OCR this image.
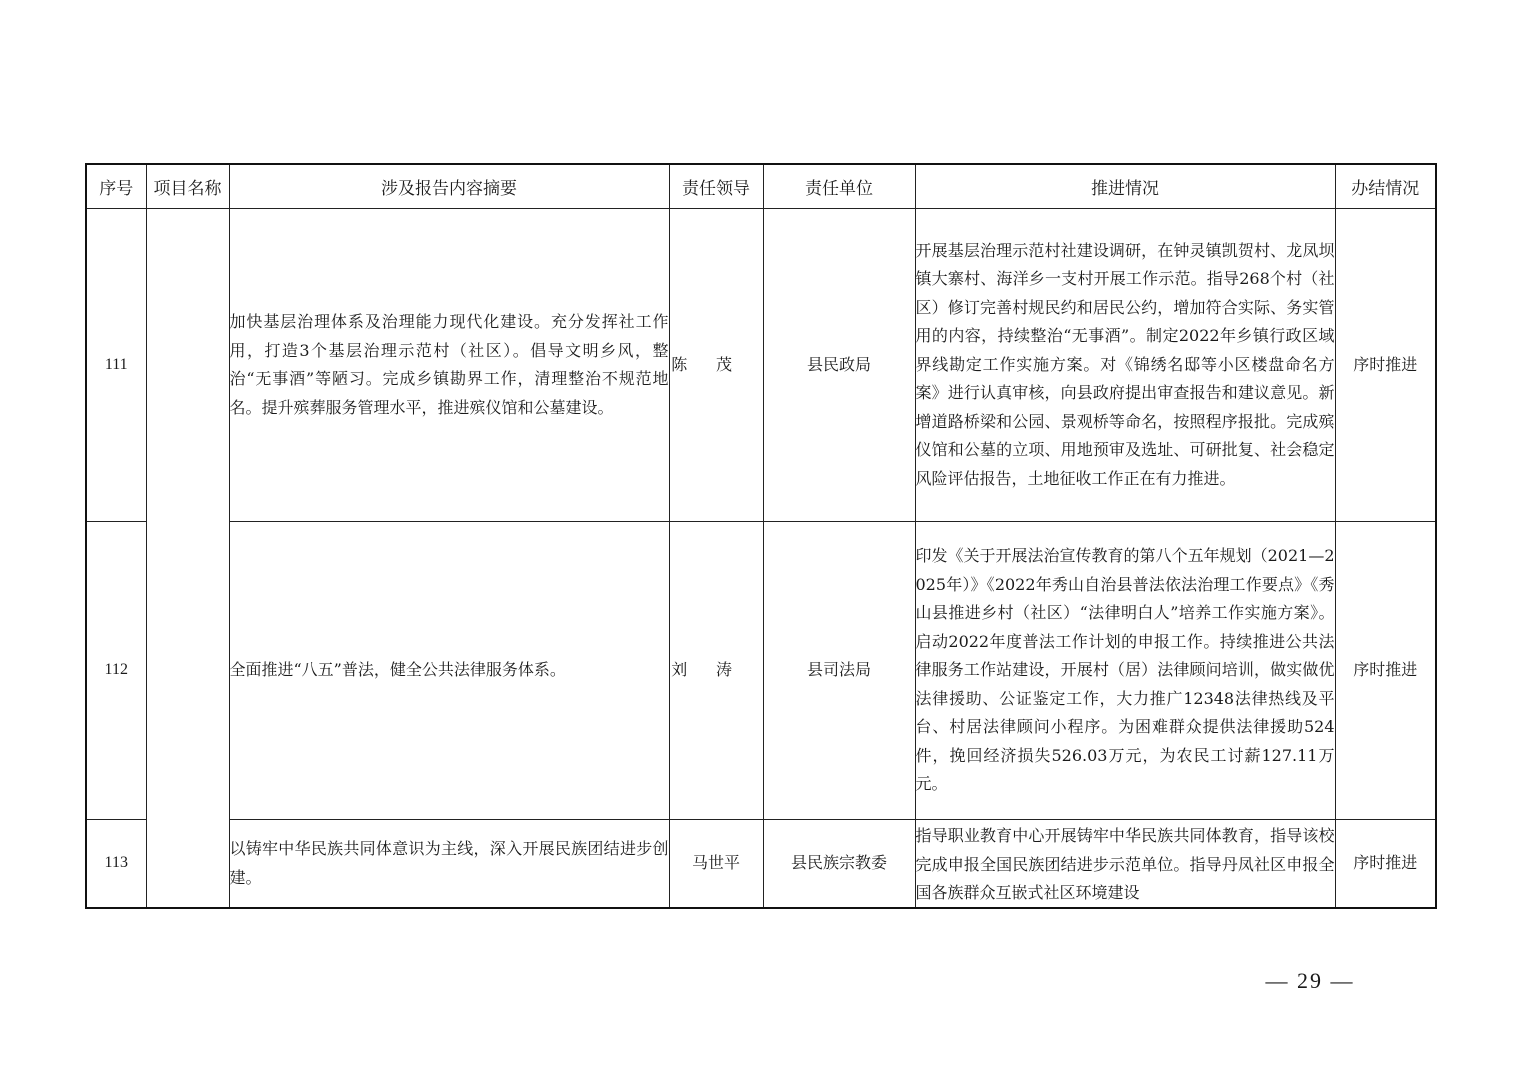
序号	项目名称	涉及报告内容摘要	责任领导	责任单位	推进情况	办结情况
111		加快基层治理体系及治理能力现代化建设。充分发挥社工作用，打造3个基层治理示范村（社区）。倡导文明乡风，整治“无事酒”等陋习。完成乡镇勘界工作，清理整治不规范地名。提升殡葬服务管理水平，推进殡仪馆和公墓建设。	陈茂	县民政局	开展基层治理示范村社建设调研，在钟灵镇凯贺村、龙凤坝镇大寨村、海洋乡一支村开展工作示范。指导268个村（社区）修订完善村规民约和居民公约，增加符合实际、务实管用的内容，持续整治“无事酒”。制定2022年乡镇行政区域界线勘定工作实施方案。对《锦绣名邸等小区楼盘命名方案》进行认真审核，向县政府提出审查报告和建议意见。新增道路桥梁和公园、景观桥等命名，按照程序报批。完成殡仪馆和公墓的立项、用地预审及选址、可研批复、社会稳定风险评估报告，土地征收工作正在有力推进。	序时推进
112		全面推进“八五”普法，健全公共法律服务体系。	刘涛	县司法局	印发《关于开展法治宣传教育的第八个五年规划（2021—2025年）》《2022年秀山自治县普法依法治理工作要点》《秀山县推进乡村（社区）“法律明白人”培养工作实施方案》。启动2022年度普法工作计划的申报工作。持续推进公共法律服务工作站建设，开展村（居）法律顾问培训，做实做优法律援助、公证鉴定工作，大力推广12348法律热线及平台、村居法律顾问小程序。为困难群众提供法律援助524件，挽回经济损失526.03万元，为农民工讨薪127.11万元。	序时推进
113		以铸牢中华民族共同体意识为主线，深入开展民族团结进步创建。	马世平	县民族宗教委	指导职业教育中心开展铸牢中华民族共同体教育，指导该校完成申报全国民族团结进步示范单位。指导丹凤社区申报全国各族群众互嵌式社区环境建设	序时推进
— 29 —
